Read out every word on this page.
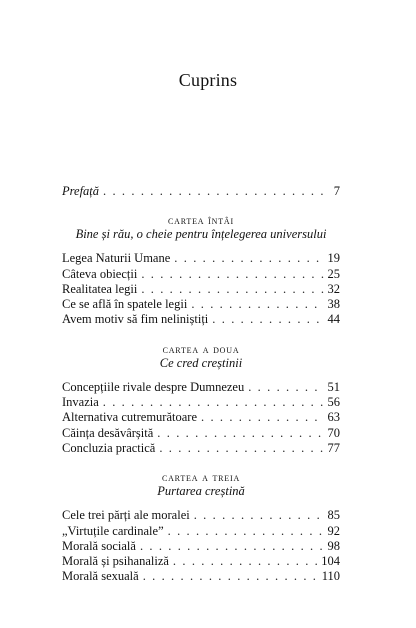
Cuprins
Prefață . . .	7
cartea întâi
Bine și rău, o cheie pentru înțelegerea universului
Legea Naturii Umane . . .	19
Câteva obiecții . . .	25
Realitatea legii . . .	32
Ce se află în spatele legii . . .	38
Avem motiv să fim neliniștiți . . .	44
cartea a doua
Ce cred creștinii
Concepțiile rivale despre Dumnezeu . . .	51
Invazia . . .	56
Alternativa cutremurătoare . . .	63
Căința desăvârșită . . .	70
Concluzia practică . . .	77
cartea a treia
Purtarea creștină
Cele trei părți ale moralei . . .	85
„Virtuțile cardinale” . . .	92
Morală socială . . .	98
Morală și psihanaliză . . .	104
Morală sexuală . . .	110
